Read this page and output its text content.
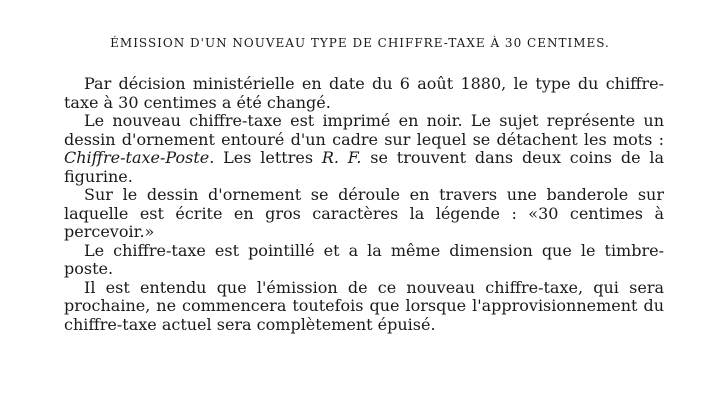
ÉMISSION D'UN NOUVEAU TYPE DE CHIFFRE-TAXE À 30 CENTIMES.

Par décision ministérielle en date du 6 août 1880, le type du chiffre-taxe à 30 centimes a été changé.

Le nouveau chiffre-taxe est imprimé en noir. Le sujet représente un dessin d'ornement entouré d'un cadre sur lequel se détachent les mots : Chiffre-taxe-Poste. Les lettres R. F. se trouvent dans deux coins de la figurine.

Sur le dessin d'ornement se déroule en travers une banderole sur laquelle est écrite en gros caractères la légende : «30 centimes à percevoir.»

Le chiffre-taxe est pointillé et a la même dimension que le timbre-poste.

Il est entendu que l'émission de ce nouveau chiffre-taxe, qui sera prochaine, ne commencera toutefois que lorsque l'approvisionnement du chiffre-taxe actuel sera complètement épuisé.
